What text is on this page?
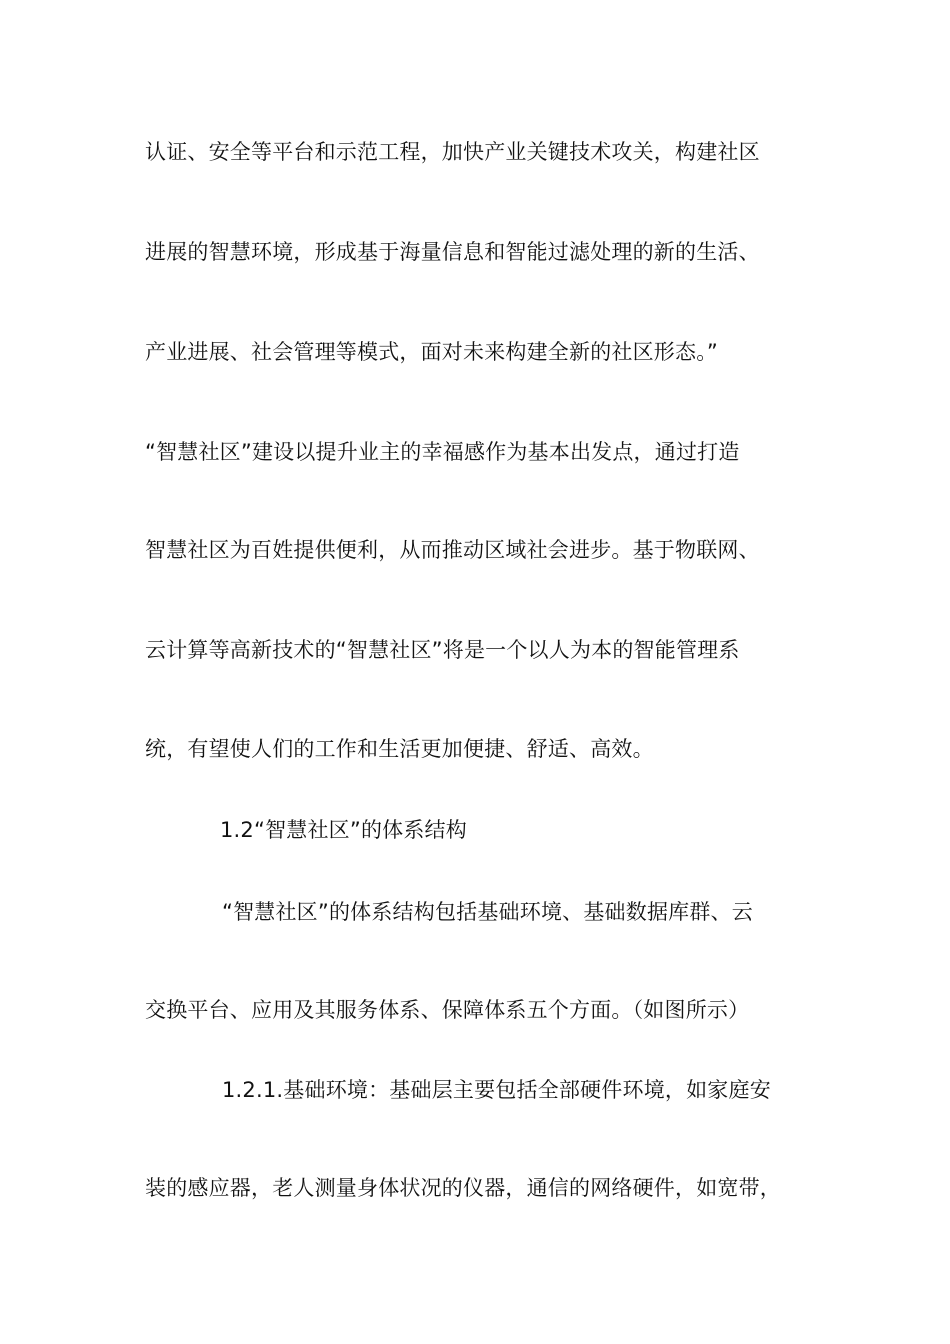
认证、安全等平台和示范工程，加快产业关键技术攻关，构建社区
进展的智慧环境，形成基于海量信息和智能过滤处理的新的生活、
产业进展、社会管理等模式，面对未来构建全新的社区形态。”
“智慧社区”建设以提升业主的幸福感作为基本出发点，通过打造
智慧社区为百姓提供便利，从而推动区域社会进步。基于物联网、
云计算等高新技术的“智慧社区”将是一个以人为本的智能管理系
统，有望使人们的工作和生活更加便捷、舒适、高效。
1.2“智慧社区”的体系结构
“智慧社区”的体系结构包括基础环境、基础数据库群、云
交换平台、应用及其服务体系、保障体系五个方面。（如图所示）
1.2.1.基础环境：基础层主要包括全部硬件环境，如家庭安
装的感应器，老人测量身体状况的仪器，通信的网络硬件，如宽带，
